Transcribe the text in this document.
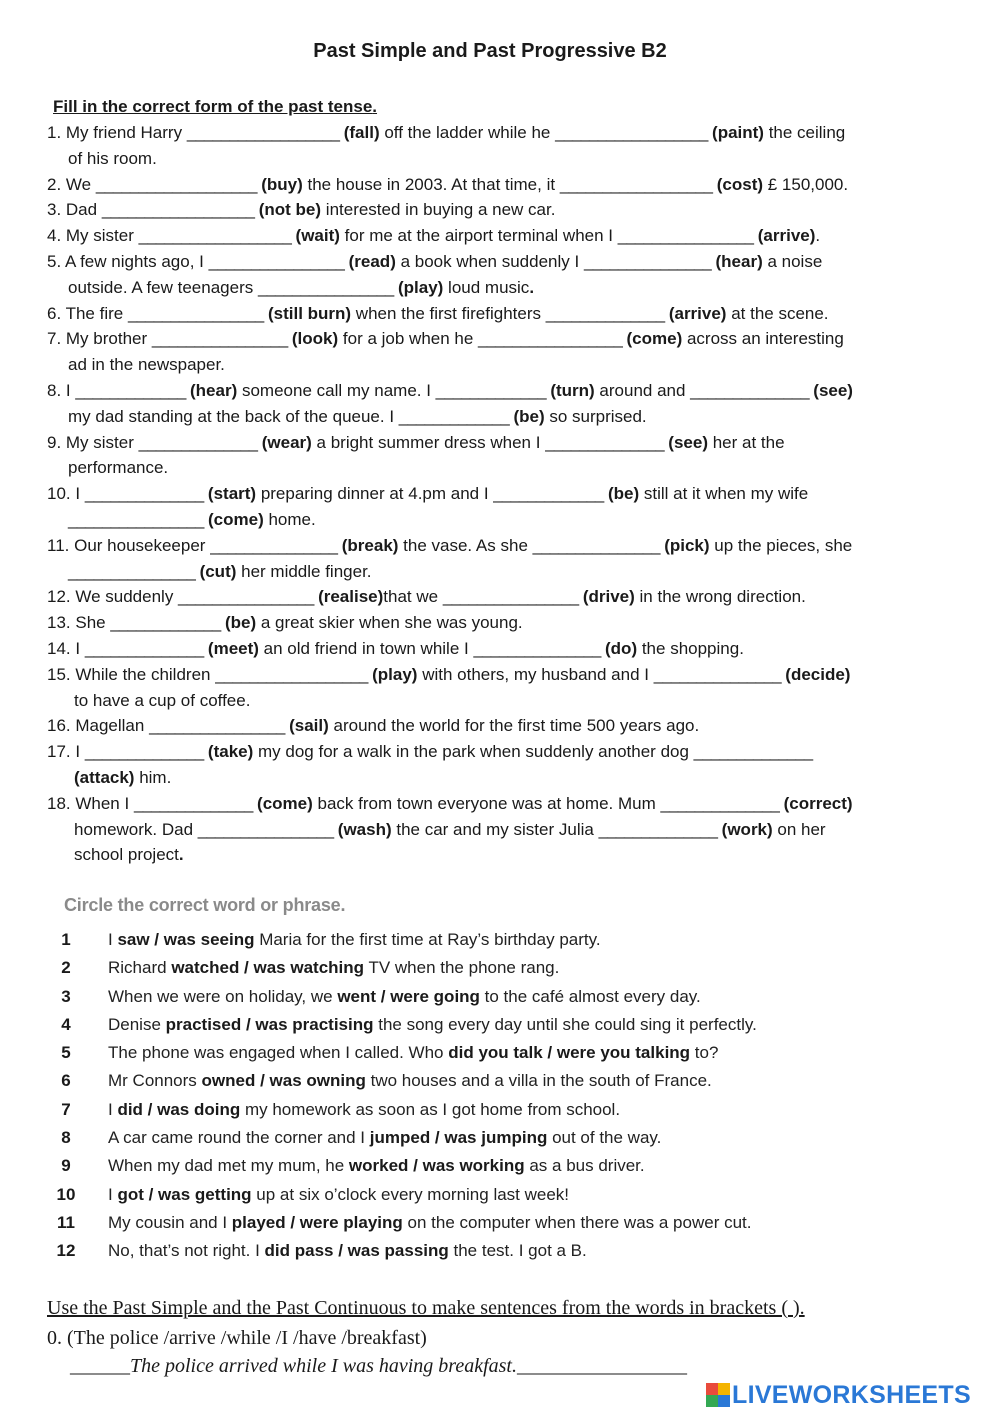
Past Simple and Past Progressive B2
Fill in the correct form of the past tense.
1. My friend Harry __________________ (fall) off the ladder while he __________________ (paint) the ceiling
of his room.
2. We ___________________ (buy) the house in 2003. At that time, it __________________ (cost) £ 150,000.
3. Dad __________________ (not be) interested in buying a new car.
4. My sister __________________ (wait) for me at the airport terminal when I ________________ (arrive).
5. A few nights ago, I ________________ (read) a book when suddenly I _______________ (hear) a noise
outside. A few teenagers ________________ (play) loud music.
6. The fire ________________ (still burn) when the first firefighters ______________ (arrive) at the scene.
7. My brother ________________ (look) for a job when he _________________ (come) across an interesting
ad in the newspaper.
8. I _____________ (hear) someone call my name. I _____________ (turn) around and ______________ (see)
my dad standing at the back of the queue. I _____________ (be) so surprised.
9. My sister ______________ (wear) a bright summer dress when I ______________ (see) her at the
performance.
10. I ______________ (start) preparing dinner at 4.pm and I _____________ (be) still at it when my wife
________________ (come) home.
11. Our housekeeper _______________ (break) the vase. As she _______________ (pick) up the pieces, she
_______________ (cut) her middle finger.
12. We suddenly ________________ (realise)that we ________________ (drive) in the wrong direction.
13. She _____________ (be) a great skier when she was young.
14. I ______________ (meet) an old friend in town while I _______________ (do) the shopping.
15. While the children __________________ (play) with others, my husband and I _______________ (decide)
to have a cup of coffee.
16. Magellan ________________ (sail) around the world for the first time 500 years ago.
17. I ______________ (take) my dog for a walk in the park when suddenly another dog ______________
(attack) him.
18. When I ______________ (come) back from town everyone was at home. Mum ______________ (correct)
homework. Dad ________________ (wash) the car and my sister Julia ______________ (work) on her
school project.
Circle the correct word or phrase.
1	I saw / was seeing Maria for the first time at Ray’s birthday party.
2	Richard watched / was watching TV when the phone rang.
3	When we were on holiday, we went / were going to the café almost every day.
4	Denise practised / was practising the song every day until she could sing it perfectly.
5	The phone was engaged when I called. Who did you talk / were you talking to?
6	Mr Connors owned / was owning two houses and a villa in the south of France.
7	I did / was doing my homework as soon as I got home from school.
8	A car came round the corner and I jumped / was jumping out of the way.
9	When my dad met my mum, he worked / was working as a bus driver.
10 I got / was getting up at six o’clock every morning last week!
11 My cousin and I played / were playing on the computer when there was a power cut.
12 No, that’s not right. I did pass / was passing the test. I got a B.
Use the Past Simple and the Past Continuous to make sentences from the words in brackets ( ).
0. (The police /arrive /while /I /have /breakfast)
______The police arrived while I was having breakfast._________________
LIVEWORKSHEETS
